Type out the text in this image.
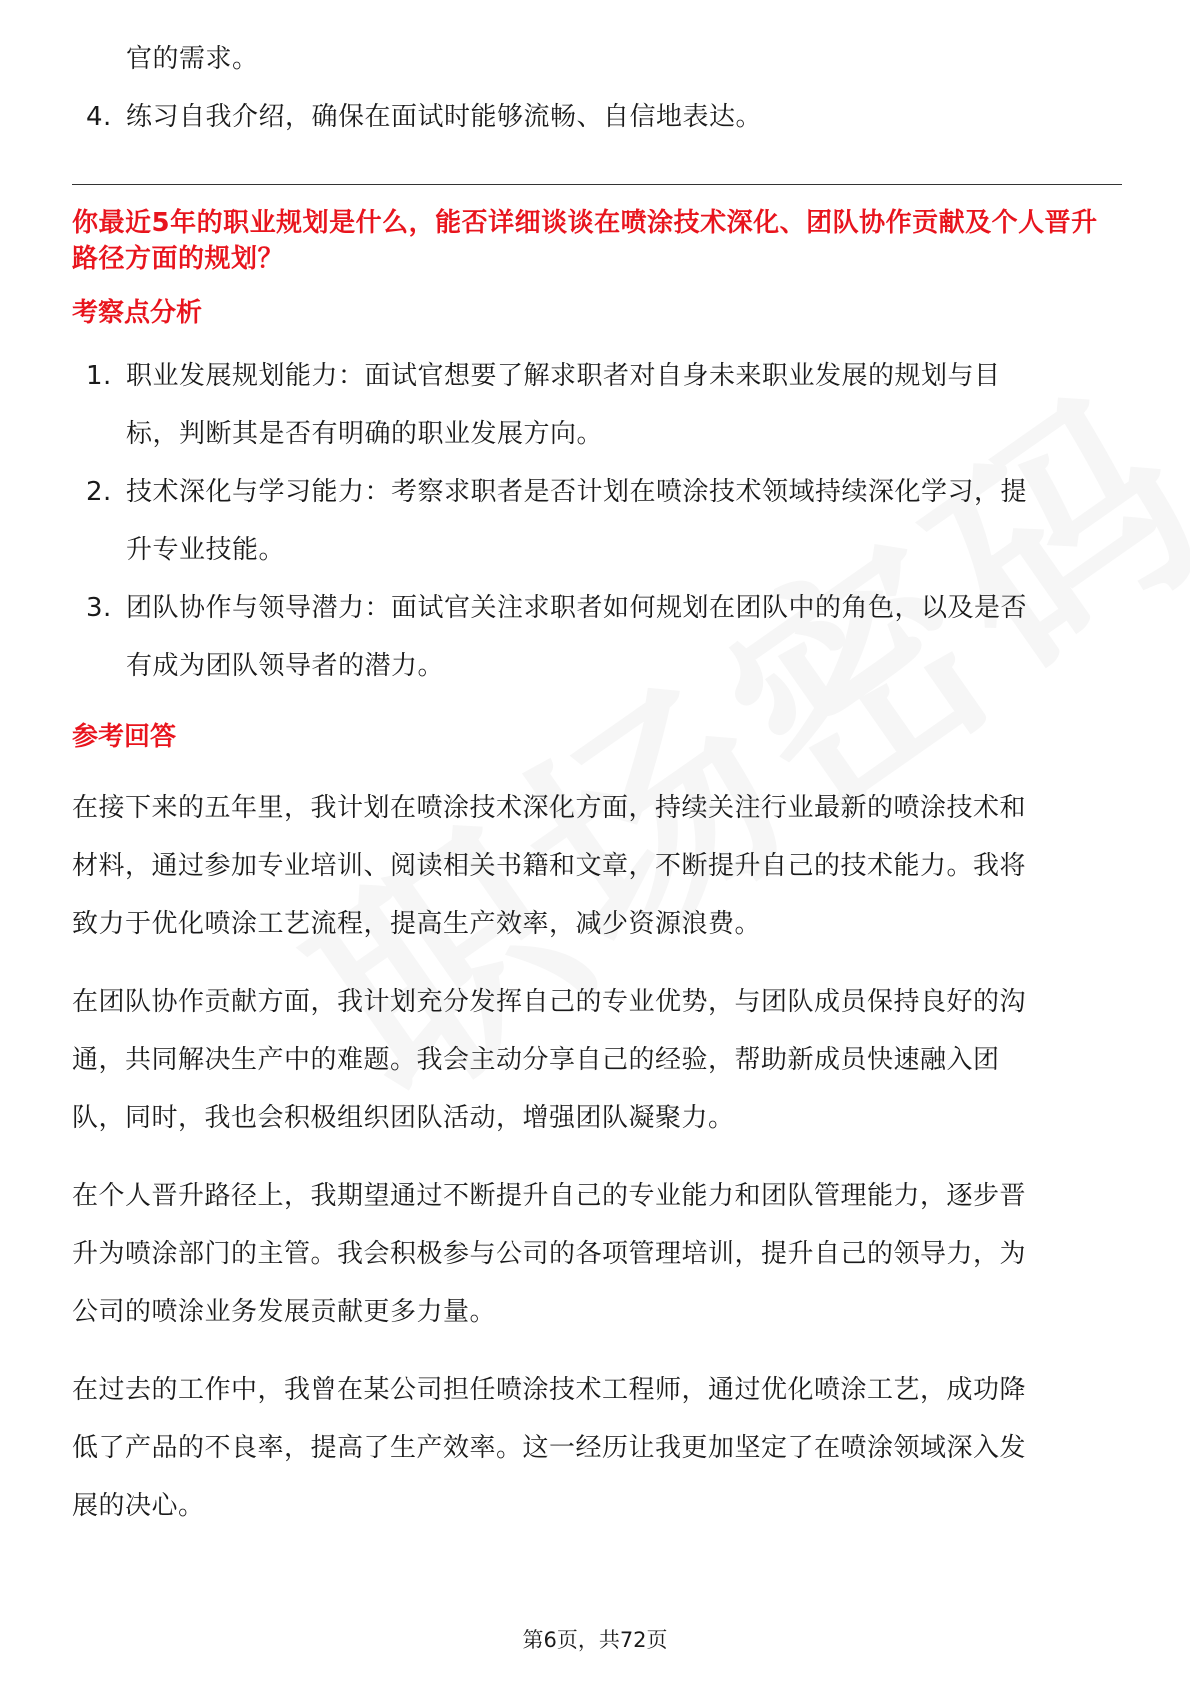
官的需求。
4. 练习自我介绍，确保在面试时能够流畅、自信地表达。
你最近5年的职业规划是什么，能否详细谈谈在喷涂技术深化、团队协作贡献及个人晋升路径方面的规划？
考察点分析
1. 职业发展规划能力：面试官想要了解求职者对自身未来职业发展的规划与目
标，判断其是否有明确的职业发展方向。
2. 技术深化与学习能力：考察求职者是否计划在喷涂技术领域持续深化学习，提
升专业技能。
3. 团队协作与领导潜力：面试官关注求职者如何规划在团队中的角色，以及是否
有成为团队领导者的潜力。
参考回答
在接下来的五年里，我计划在喷涂技术深化方面，持续关注行业最新的喷涂技术和
材料，通过参加专业培训、阅读相关书籍和文章，不断提升自己的技术能力。我将
致力于优化喷涂工艺流程，提高生产效率，减少资源浪费。
在团队协作贡献方面，我计划充分发挥自己的专业优势，与团队成员保持良好的沟
通，共同解决生产中的难题。我会主动分享自己的经验，帮助新成员快速融入团
队，同时，我也会积极组织团队活动，增强团队凝聚力。
在个人晋升路径上，我期望通过不断提升自己的专业能力和团队管理能力，逐步晋
升为喷涂部门的主管。我会积极参与公司的各项管理培训，提升自己的领导力，为
公司的喷涂业务发展贡献更多力量。
在过去的工作中，我曾在某公司担任喷涂技术工程师，通过优化喷涂工艺，成功降
低了产品的不良率，提高了生产效率。这一经历让我更加坚定了在喷涂领域深入发
展的决心。
第6页，共72页
